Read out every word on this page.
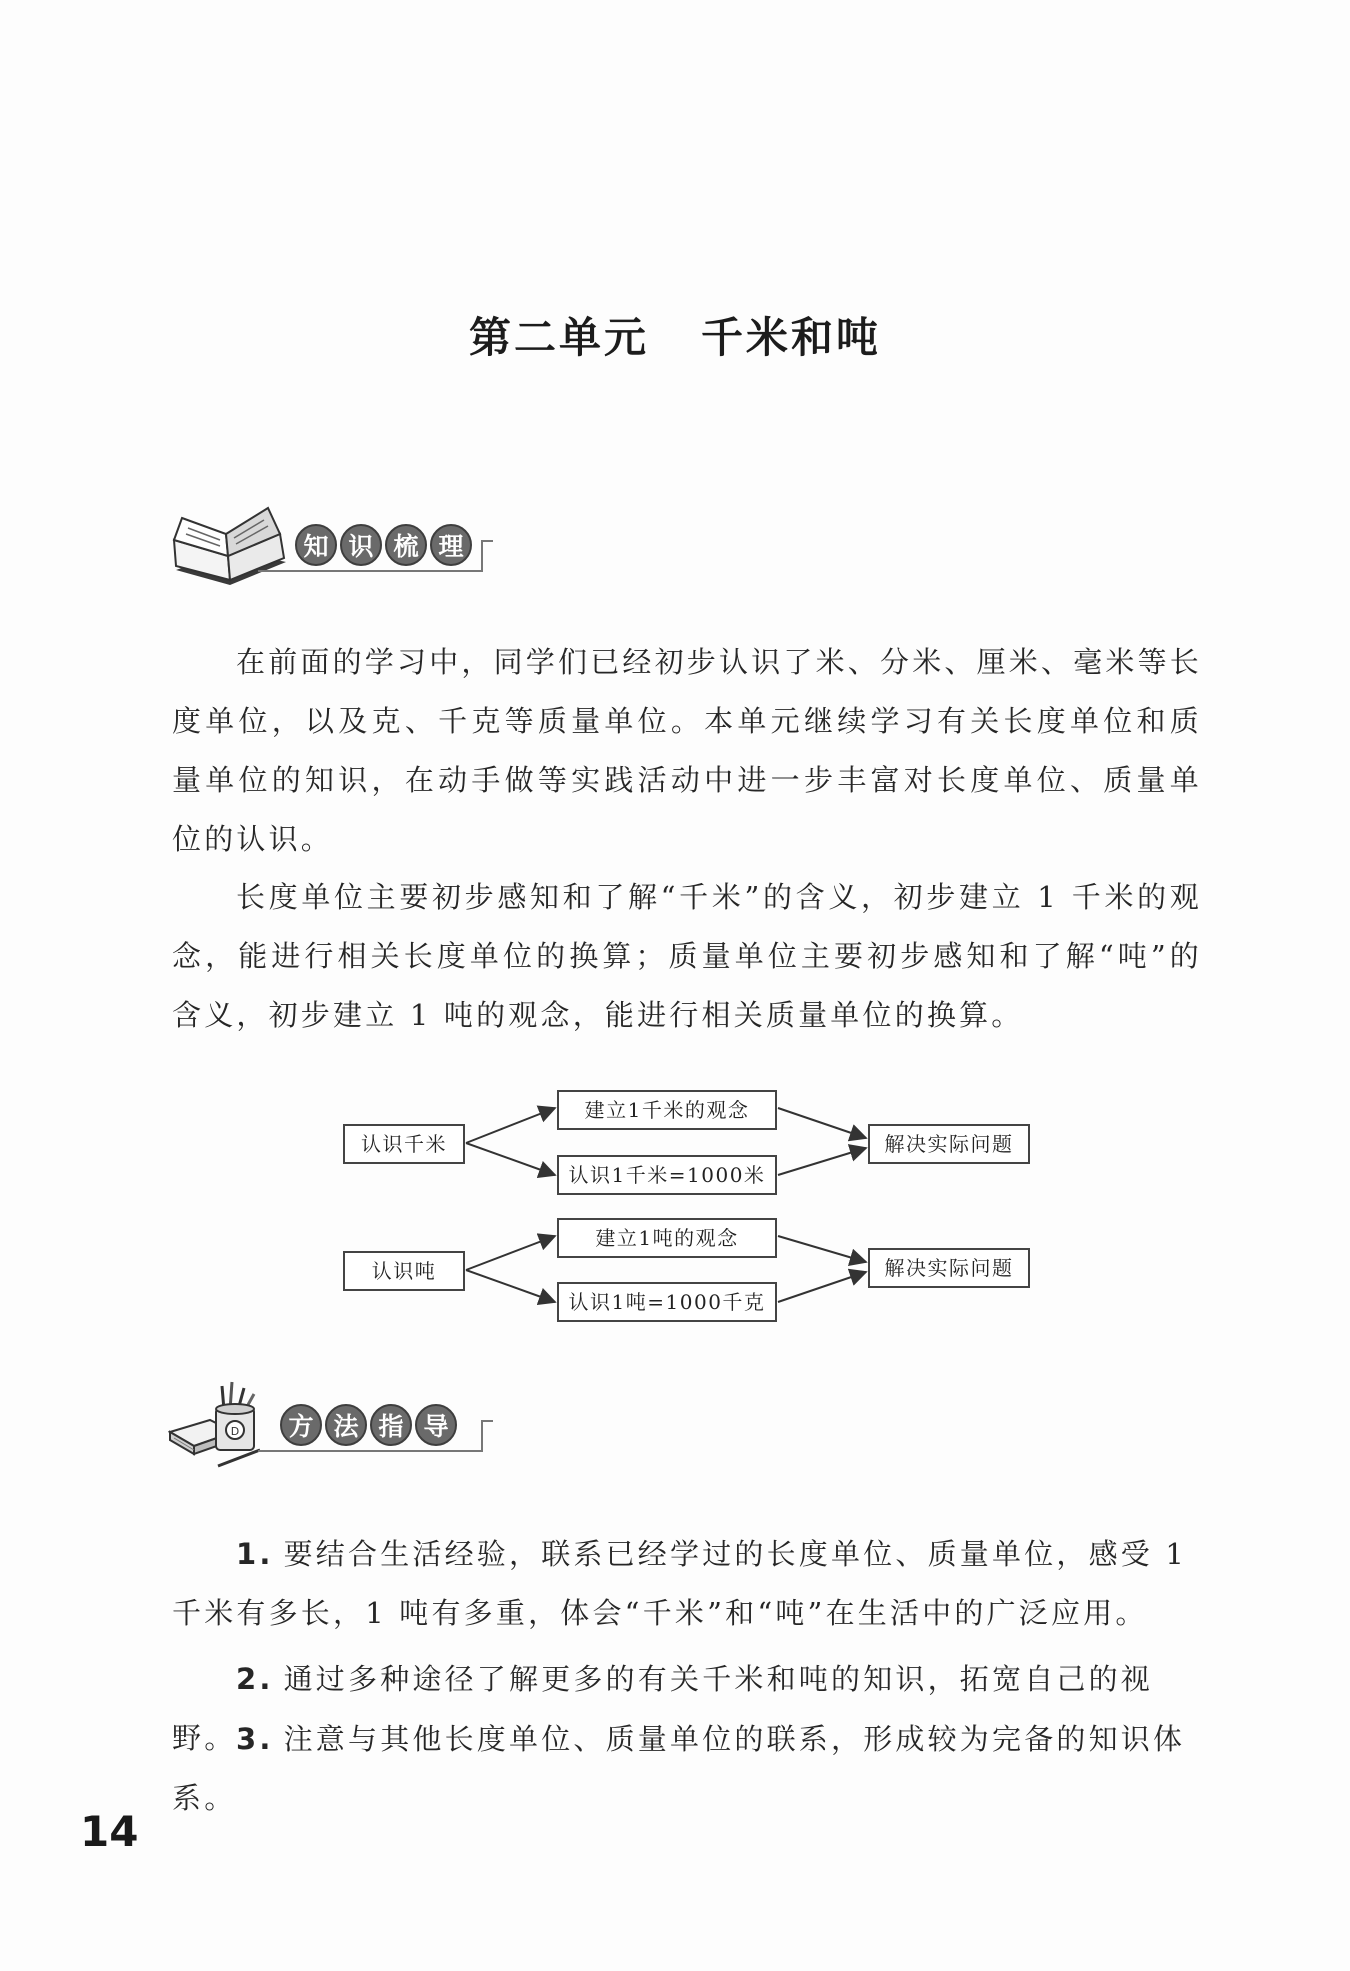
第二单元 千米和吨
知 识 梳 理
在前面的学习中，同学们已经初步认识了米、分米、厘米、毫米等长度单位，以及克、千克等质量单位。本单元继续学习有关长度单位和质量单位的知识，在动手做等实践活动中进一步丰富对长度单位、质量单位的认识。
长度单位主要初步感知和了解“千米”的含义，初步建立 1 千米的观念，能进行相关长度单位的换算；质量单位主要初步感知和了解“吨”的含义，初步建立 1 吨的观念，能进行相关质量单位的换算。
认识千米
建立1千米的观念
认识1千米=1000米
解决实际问题
认识吨
建立1吨的观念
认识1吨=1000千克
解决实际问题
D	方 法 指 导
1. 要结合生活经验，联系已经学过的长度单位、质量单位，感受 1 千米有多长，1 吨有多重，体会“千米”和“吨”在生活中的广泛应用。
2. 通过多种途径了解更多的有关千米和吨的知识，拓宽自己的视野。 3. 注意与其他长度单位、质量单位的联系，形成较为完备的知识体系。
14
